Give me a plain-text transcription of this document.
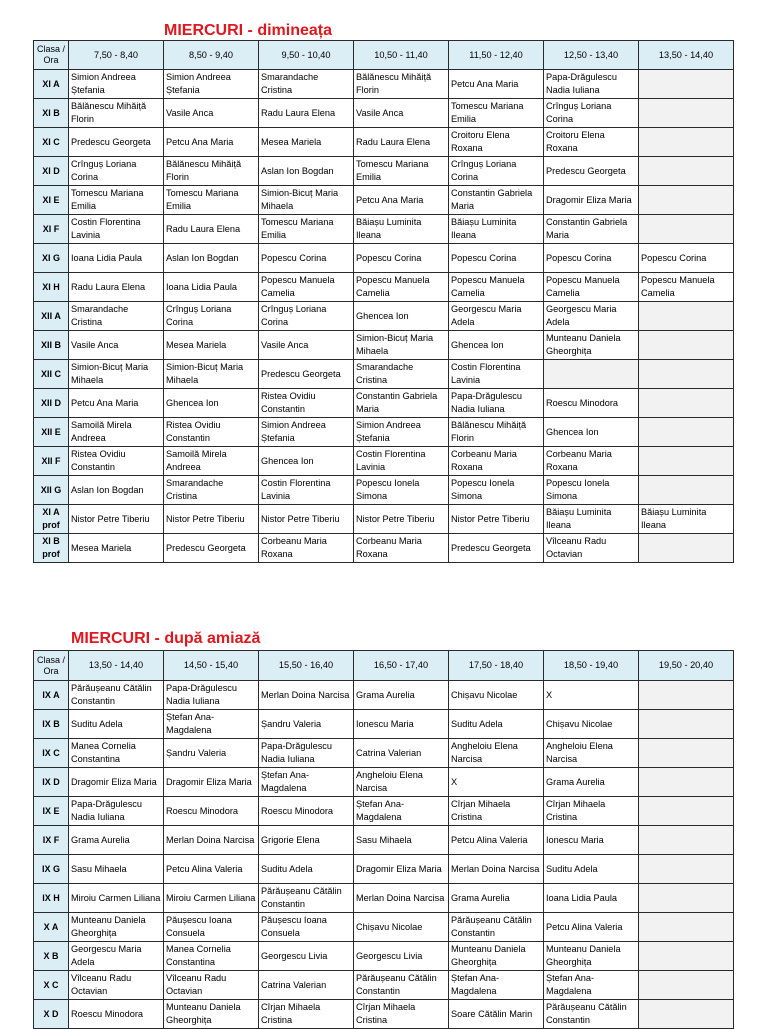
MIERCURI - dimineața
Clasa / Ora	7,50 - 8,40	8,50 - 9,40	9,50 - 10,40	10,50 - 11,40	11,50 - 12,40	12,50 - 13,40	13,50 - 14,40
XI A	Simion Andreea Ștefania	Simion Andreea Ștefania	Smarandache Cristina	Bălănescu Mihăiță Florin	Petcu Ana Maria	Papa-Drăgulescu Nadia Iuliana	
XI B	Bălănescu Mihăiță Florin	Vasile Anca	Radu Laura Elena	Vasile Anca	Tomescu Mariana Emilia	Crînguș Loriana Corina	
XI C	Predescu Georgeta	Petcu Ana Maria	Mesea Mariela	Radu Laura Elena	Croitoru Elena Roxana	Croitoru Elena Roxana	
XI D	Crînguș Loriana Corina	Bălănescu Mihăiță Florin	Aslan Ion Bogdan	Tomescu Mariana Emilia	Crînguș Loriana Corina	Predescu Georgeta	
XI E	Tomescu Mariana Emilia	Tomescu Mariana Emilia	Simion-Bicuț Maria Mihaela	Petcu Ana Maria	Constantin Gabriela Maria	Dragomir Eliza Maria	
XI F	Costin Florentina Lavinia	Radu Laura Elena	Tomescu Mariana Emilia	Băiașu Luminita Ileana	Băiașu Luminita Ileana	Constantin Gabriela Maria	
XI G	Ioana Lidia Paula	Aslan Ion Bogdan	Popescu Corina	Popescu Corina	Popescu Corina	Popescu Corina	Popescu Corina
XI H	Radu Laura Elena	Ioana Lidia Paula	Popescu Manuela Camelia	Popescu Manuela Camelia	Popescu Manuela Camelia	Popescu Manuela Camelia	Popescu Manuela Camelia
XII A	Smarandache Cristina	Crînguș Loriana Corina	Crînguș Loriana Corina	Ghencea Ion	Georgescu Maria Adela	Georgescu Maria Adela	
XII B	Vasile Anca	Mesea Mariela	Vasile Anca	Simion-Bicuț Maria Mihaela	Ghencea Ion	Munteanu Daniela Gheorghița	
XII C	Simion-Bicuț Maria Mihaela	Simion-Bicuț Maria Mihaela	Predescu Georgeta	Smarandache Cristina	Costin Florentina Lavinia		
XII D	Petcu Ana Maria	Ghencea Ion	Ristea Ovidiu Constantin	Constantin Gabriela Maria	Papa-Drăgulescu Nadia Iuliana	Roescu Minodora	
XII E	Samoilă Mirela Andreea	Ristea Ovidiu Constantin	Simion Andreea Ștefania	Simion Andreea Ștefania	Bălănescu Mihăiță Florin	Ghencea Ion	
XII F	Ristea Ovidiu Constantin	Samoilă Mirela Andreea	Ghencea Ion	Costin Florentina Lavinia	Corbeanu Maria Roxana	Corbeanu Maria Roxana	
XII G	Aslan Ion Bogdan	Smarandache Cristina	Costin Florentina Lavinia	Popescu Ionela Simona	Popescu Ionela Simona	Popescu Ionela Simona	
XI A prof	Nistor Petre Tiberiu	Nistor Petre Tiberiu	Nistor Petre Tiberiu	Nistor Petre Tiberiu	Nistor Petre Tiberiu	Băiașu Luminita Ileana	Băiașu Luminita Ileana
XI B prof	Mesea Mariela	Predescu Georgeta	Corbeanu Maria Roxana	Corbeanu Maria Roxana	Predescu Georgeta	Vîlceanu Radu Octavian	
MIERCURI - după amiază
Clasa / Ora	13,50 - 14,40	14,50 - 15,40	15,50 - 16,40	16,50 - 17,40	17,50 - 18,40	18,50 - 19,40	19,50 - 20,40
IX A	Părăușeanu Cătălin Constantin	Papa-Drăgulescu Nadia Iuliana	Merlan Doina Narcisa	Grama Aurelia	Chișavu Nicolae	X	
IX B	Suditu Adela	Ștefan Ana-Magdalena	Șandru Valeria	Ionescu Maria	Suditu Adela	Chișavu Nicolae	
IX C	Manea Cornelia Constantina	Șandru Valeria	Papa-Drăgulescu Nadia Iuliana	Catrina Valerian	Angheloiu Elena Narcisa	Angheloiu Elena Narcisa	
IX D	Dragomir Eliza Maria	Dragomir Eliza Maria	Ștefan Ana-Magdalena	Angheloiu Elena Narcisa	X	Grama Aurelia	
IX E	Papa-Drăgulescu Nadia Iuliana	Roescu Minodora	Roescu Minodora	Ștefan Ana-Magdalena	Cîrjan Mihaela Cristina	Cîrjan Mihaela Cristina	
IX F	Grama Aurelia	Merlan Doina Narcisa	Grigorie Elena	Sasu Mihaela	Petcu Alina Valeria	Ionescu Maria	
IX G	Sasu Mihaela	Petcu Alina Valeria	Suditu Adela	Dragomir Eliza Maria	Merlan Doina Narcisa	Suditu Adela	
IX H	Miroiu Carmen Liliana	Miroiu Carmen Liliana	Părăușeanu Cătălin Constantin	Merlan Doina Narcisa	Grama Aurelia	Ioana Lidia Paula	
X A	Munteanu Daniela Gheorghița	Păușescu Ioana Consuela	Păușescu Ioana Consuela	Chișavu Nicolae	Părăușeanu Cătălin Constantin	Petcu Alina Valeria	
X B	Georgescu Maria Adela	Manea Cornelia Constantina	Georgescu Livia	Georgescu Livia	Munteanu Daniela Gheorghița	Munteanu Daniela Gheorghița	
X C	Vîlceanu Radu Octavian	Vîlceanu Radu Octavian	Catrina Valerian	Părăușeanu Cătălin Constantin	Ștefan Ana-Magdalena	Ștefan Ana-Magdalena	
X D	Roescu Minodora	Munteanu Daniela Gheorghița	Cîrjan Mihaela Cristina	Cîrjan Mihaela Cristina	Soare Cătălin Marin	Părăușeanu Cătălin Constantin	
